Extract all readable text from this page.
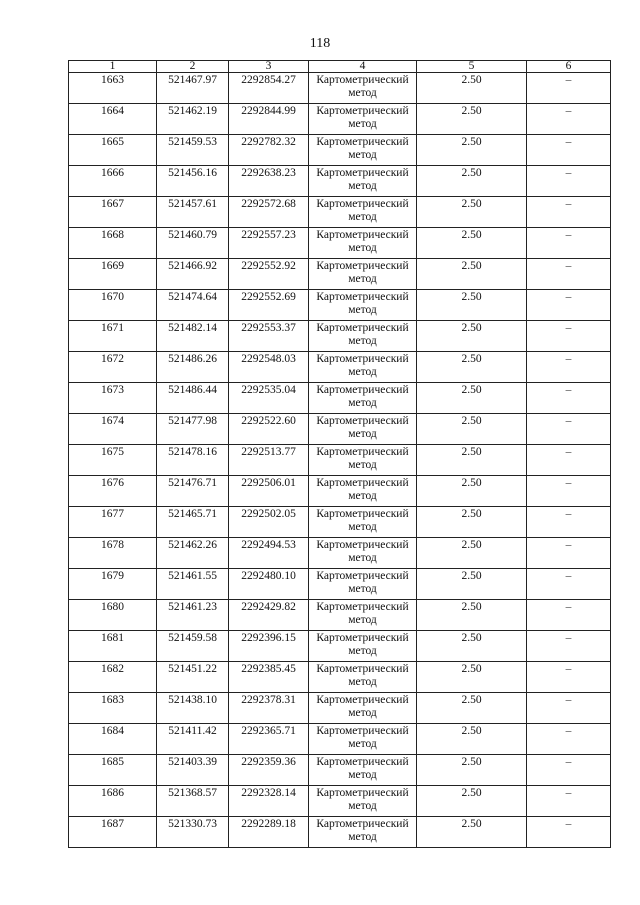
118
1	2	3	4	5	6
1663	521467.97	2292854.27	Картометрический метод	2.50	–
1664	521462.19	2292844.99	Картометрический метод	2.50	–
1665	521459.53	2292782.32	Картометрический метод	2.50	–
1666	521456.16	2292638.23	Картометрический метод	2.50	–
1667	521457.61	2292572.68	Картометрический метод	2.50	–
1668	521460.79	2292557.23	Картометрический метод	2.50	–
1669	521466.92	2292552.92	Картометрический метод	2.50	–
1670	521474.64	2292552.69	Картометрический метод	2.50	–
1671	521482.14	2292553.37	Картометрический метод	2.50	–
1672	521486.26	2292548.03	Картометрический метод	2.50	–
1673	521486.44	2292535.04	Картометрический метод	2.50	–
1674	521477.98	2292522.60	Картометрический метод	2.50	–
1675	521478.16	2292513.77	Картометрический метод	2.50	–
1676	521476.71	2292506.01	Картометрический метод	2.50	–
1677	521465.71	2292502.05	Картометрический метод	2.50	–
1678	521462.26	2292494.53	Картометрический метод	2.50	–
1679	521461.55	2292480.10	Картометрический метод	2.50	–
1680	521461.23	2292429.82	Картометрический метод	2.50	–
1681	521459.58	2292396.15	Картометрический метод	2.50	–
1682	521451.22	2292385.45	Картометрический метод	2.50	–
1683	521438.10	2292378.31	Картометрический метод	2.50	–
1684	521411.42	2292365.71	Картометрический метод	2.50	–
1685	521403.39	2292359.36	Картометрический метод	2.50	–
1686	521368.57	2292328.14	Картометрический метод	2.50	–
1687	521330.73	2292289.18	Картометрический метод	2.50	–
